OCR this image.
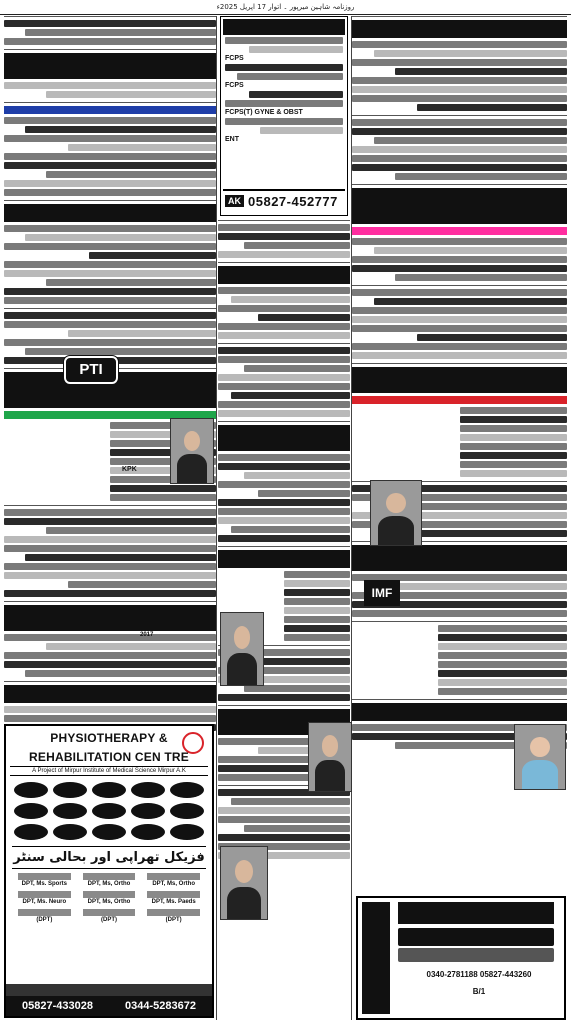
روزنامہ شاہین میرپور ۔ اتوار 17 اپریل 2025ء
FCPS
FCPS
FCPS(T) GYNE & OBST
ENT
AK 05827-452777
PTI
KPK
2017
IMF
PHYSIOTHERAPY &
REHABILITATION CEN TRE
A Project of Mirpur Institute of Medical Science Mirpur A.K
فزیکل تھراپی اور بحالی سنٹر
DPT, Ms. Sports	DPT, Ms, Ortho	DPT, Ms, Ortho
DPT, Ms. Neuro	DPT, Ms, Ortho	DPT, Ms. Paeds
(DPT)	(DPT)	(DPT)
05827-433028	0344-5283672
0340-2781188 05827-443260
B/1
